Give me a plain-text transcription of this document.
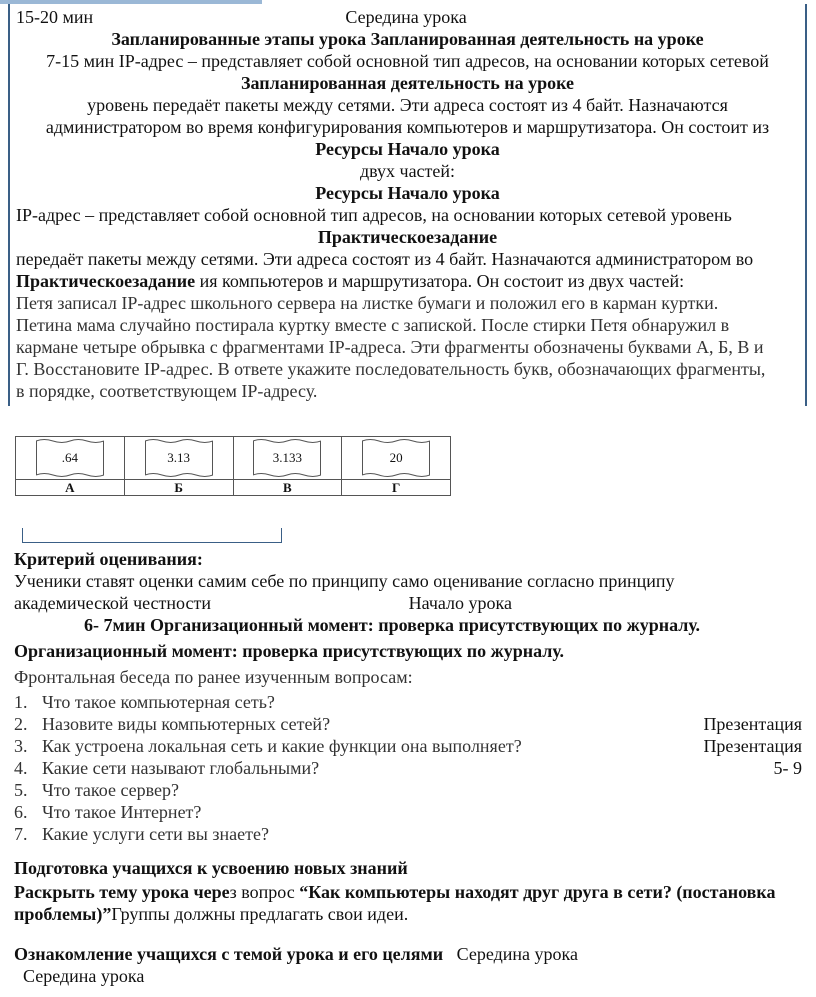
15-20 мин	Середина урока
Запланированные этапы урока Запланированная деятельность на уроке
7-15 мин IP-адрес – представляет собой основной тип адресов, на основании которых сетевой
Запланированная деятельность на уроке
уровень передаёт пакеты между сетями. Эти адреса состоят из 4 байт. Назначаются
администратором во время конфигурирования компьютеров и маршрутизатора. Он состоит из
Ресурсы Начало урока
двух частей:
Ресурсы Начало урока
IP-адрес – представляет собой основной тип адресов, на основании которых сетевой уровень
Практическоезадание
передаёт пакеты между сетями. Эти адреса состоят из 4 байт. Назначаются администратором во
Практическоезадание ия компьютеров и маршрутизатора. Он состоит из двух частей:
Петя записал IP-адрес школьного сервера на листке бумаги и положил его в карман куртки.
Петина мама случайно постирала куртку вместе с запиской. После стирки Петя обнаружил в
кармане четыре обрывка с фрагментами IP-адреса. Эти фрагменты обозначены буквами А, Б, В и
Г. Восстановите IP-адрес. В ответе укажите последовательность букв, обозначающих фрагменты,
в порядке, соответствующем IP-адресу.
.64	3.13	3.133	20

А	Б	В	Г
Критерий оценивания:
Ученики ставят оценки самим себе по принципу само оценивание согласно принципу
академической честности	Начало урока
6- 7мин Организационный момент: проверка присутствующих по журналу.
Организационный момент: проверка присутствующих по журналу.
Фронтальная беседа по ранее изученным вопросам:
1. Что такое компьютерная сеть?
2. Назовите виды компьютерных сетей?	Презентация
3. Как устроена локальная сеть и какие функции она выполняет?	Презентация
4. Какие сети называют глобальными?	5- 9
5. Что такое сервер?
6. Что такое Интернет?
7. Какие услуги сети вы знаете?
Подготовка учащихся к усвоению новых знаний
Раскрыть тему урока через вопрос “Как компьютеры находят друг друга в сети? (постановка
проблемы)”Группы должны предлагать свои идеи.
Ознакомление учащихся с темой урока и его целями   Середина урока
Середина урока
